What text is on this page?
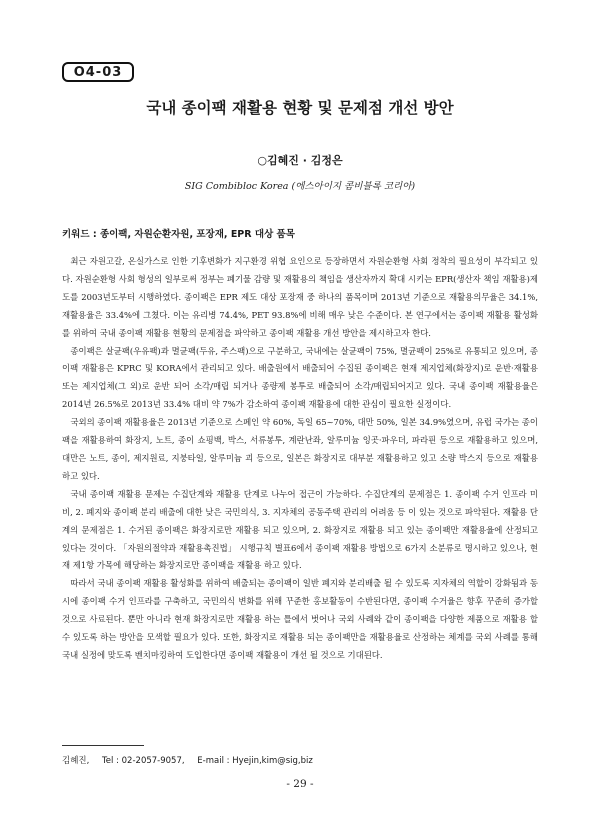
O4-03
국내 종이팩 재활용 현황 및 문제점 개선 방안
○김혜진 · 김정은
SIG Combibloc Korea (에스아이지 콤비블록 코리아)
키워드 : 종이팩, 자원순환자원, 포장재, EPR 대상 품목

최근 자원고갈, 온실가스로 인한 기후변화가 지구환경 위협 요인으로 등장하면서 자원순환형 사회 정착의 필요성이 부각되고 있다. 자원순환형 사회 형성의 일부로써 정부는 폐기물 감량 및 재활용의 책임을 생산자까지 확대 시키는 EPR(생산자 책임 재활용)제도를 2003년도부터 시행하였다. 종이팩은 EPR 제도 대상 포장재 중 하나의 품목이며 2013년 기준으로 재활용의무율은 34.1%, 재활용율은 33.4%에 그쳤다. 이는 유리병 74.4%, PET 93.8%에 비해 매우 낮은 수준이다. 본 연구에서는 종이팩 재활용 활성화를 위하여 국내 종이팩 재활용 현황의 문제점을 파악하고 종이팩 재활용 개선 방안을 제시하고자 한다.

종이팩은 살균팩(우유팩)과 멸균팩(두유, 주스팩)으로 구분하고, 국내에는 살균팩이 75%, 멸균팩이 25%로 유통되고 있으며, 종이팩 재활용은 KPRC 및 KORA에서 관리되고 있다. 배출원에서 배출되어 수집된 종이팩은 현재 제지업체(화장지)로 운반·재활용 또는 제지업체(그 외)로 운반 되어 소각/매립 되거나 종량제 봉투로 배출되어 소각/매립되어지고 있다. 국내 종이팩 재활용율은 2014년 26.5%로 2013년 33.4% 대비 약 7%가 감소하여 종이팩 재활용에 대한 관심이 필요한 실정이다.

국외의 종이팩 재활용율은 2013년 기준으로 스페인 약 60%, 독일 65~70%, 대만 50%, 일본 34.9%였으며, 유럽 국가는 종이팩을 재활용하여 화장지, 노트, 종이 쇼핑백, 박스, 서류봉투, 계란난좌, 알루미늄 잉곳·파우더, 파라핀 등으로 재활용하고 있으며, 대만은 노트, 종이, 제지원료, 지붕타일, 알루미늄 괴 등으로, 일본은 화장지로 대부분 재활용하고 있고 소량 박스지 등으로 재활용하고 있다.

국내 종이팩 재활용 문제는 수집단계와 재활용 단계로 나누어 접근이 가능하다. 수집단계의 문제점은 1. 종이팩 수거 인프라 미비, 2. 폐지와 종이팩 분리 배출에 대한 낮은 국민의식, 3. 지자체의 공동주택 관리의 어려움 등 이 있는 것으로 파악된다. 재활용 단계의 문제점은 1. 수거된 종이팩은 화장지로만 재활용 되고 있으며, 2. 화장지로 재활용 되고 있는 종이팩만 재활용율에 산정되고 있다는 것이다. 「자원의절약과 재활용촉진법」 시행규칙 별표6에서 종이팩 재활용 방법으로 6가지 소분류로 명시하고 있으나, 현재 제1항 가목에 해당하는 화장지로만 종이팩을 재활용 하고 있다.

따라서 국내 종이팩 재활용 활성화를 위하여 배출되는 종이팩이 일반 폐지와 분리배출 될 수 있도록 지자체의 역할이 강화됨과 동시에 종이팩 수거 인프라를 구축하고, 국민의식 변화를 위해 꾸준한 홍보활동이 수반된다면, 종이팩 수거율은 향후 꾸준히 증가할 것으로 사료된다. 뿐만 아니라 현재 화장지로만 재활용 하는 틀에서 벗어나 국외 사례와 같이 종이팩을 다양한 제품으로 재활용 할 수 있도록 하는 방안을 모색할 필요가 있다. 또한, 화장지로 재활용 되는 종이팩만을 재활용율로 산정하는 체계를 국외 사례를 통해 국내 실정에 맞도록 벤치마킹하여 도입한다면 종이팩 재활용이 개선 될 것으로 기대된다.

김혜진, Tel : 02-2057-9057, E-mail : Hyejin,kim@sig,biz
- 29 -
